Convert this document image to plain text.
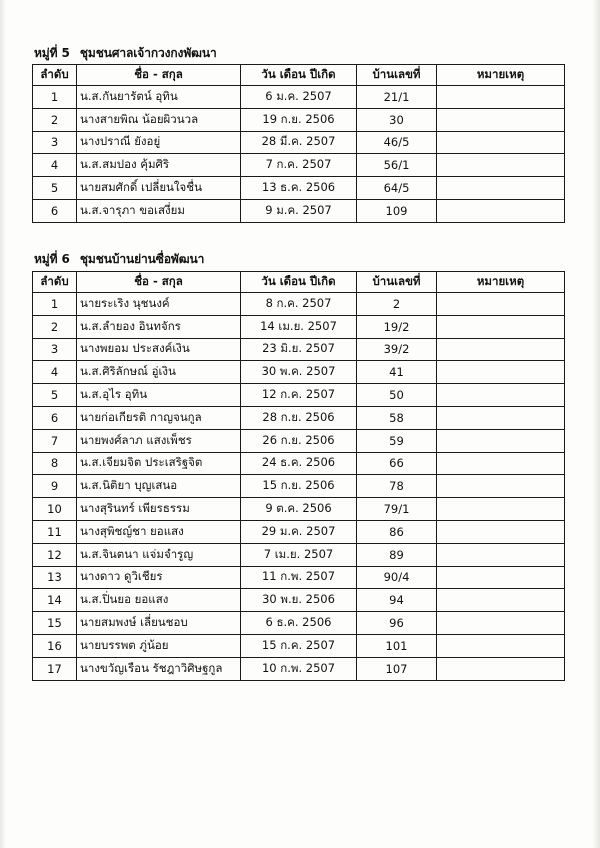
หมู่ที่ 5 ชุมชนศาลเจ้ากวงกงพัฒนา
ลำดับ	ชื่อ - สกุล	วัน เดือน ปีเกิด	บ้านเลขที่	หมายเหตุ
1	น.ส.กันยารัตน์ อุทิน	6 ม.ค. 2507	21/1	
2	นางสายพิณ น้อยผิวนวล	19 ก.ย. 2506	30	
3	นางปราณี ยังอยู่	28 มี.ค. 2507	46/5	
4	น.ส.สมปอง คุ้มศิริ	7 ก.ค. 2507	56/1	
5	นายสมศักดิ์ เปลี่ยนใจชื่น	13 ธ.ค. 2506	64/5	
6	น.ส.จารุภา ขอเสงี่ยม	9 ม.ค. 2507	109	
หมู่ที่ 6 ชุมชนบ้านย่านซื่อพัฒนา
ลำดับ	ชื่อ - สกุล	วัน เดือน ปีเกิด	บ้านเลขที่	หมายเหตุ
1	นายระเริง นุชนงค์	8 ก.ค. 2507	2	
2	น.ส.ลำยอง อินทจักร	14 เม.ย. 2507	19/2	
3	นางพยอม ประสงค์เงิน	23 มิ.ย. 2507	39/2	
4	น.ส.ศิริลักษณ์ อู่เงิน	30 พ.ค. 2507	41	
5	น.ส.อุไร อุทิน	12 ก.ค. 2507	50	
6	นายก่อเกียรติ กาญจนกูล	28 ก.ย. 2506	58	
7	นายพงศ์ลาภ แสงเพ็ชร	26 ก.ย. 2506	59	
8	น.ส.เจียมจิต ประเสริฐจิต	24 ธ.ค. 2506	66	
9	น.ส.นิติยา บุญเสนอ	15 ก.ย. 2506	78	
10	นางสุรินทร์ เพียรธรรม	9 ต.ค. 2506	79/1	
11	นางสุพิชญ์ชา ยอแสง	29 ม.ค. 2507	86	
12	น.ส.จินตนา แจ่มจำรูญ	7 เม.ย. 2507	89	
13	นางดาว ดูวิเชียร	11 ก.พ. 2507	90/4	
14	น.ส.ปิ่นยอ ยอแสง	30 พ.ย. 2506	94	
15	นายสมพงษ์ เลี่ยนชอบ	6 ธ.ค. 2506	96	
16	นายบรรพต ภู่น้อย	15 ก.ค. 2507	101	
17	นางขวัญเรือน รัชฎาวิศิษฐกูล	10 ก.พ. 2507	107	
